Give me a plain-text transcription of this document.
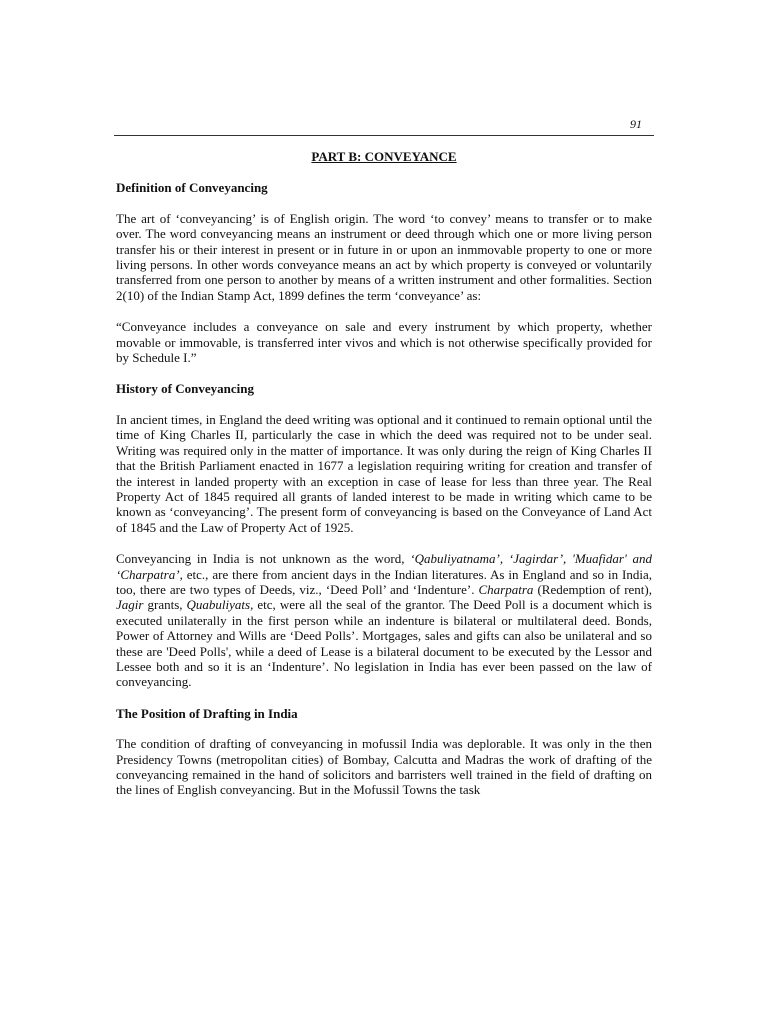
91
PART B: CONVEYANCE
Definition of Conveyancing

The art of ‘conveyancing’ is of English origin. The word ‘to convey’ means to transfer or to make over. The word conveyancing means an instrument or deed through which one or more living person transfer his or their interest in present or in future in or upon an inmmovable property to one or more living persons. In other words conveyance means an act by which property is conveyed or voluntarily transferred from one person to another by means of a written instrument and other formalities. Section 2(10) of the Indian Stamp Act, 1899 defines the term ‘conveyance’ as:

“Conveyance includes a conveyance on sale and every instrument by which property, whether movable or immovable, is transferred inter vivos and which is not otherwise specifically provided for by Schedule I.”

History of Conveyancing

In ancient times, in England the deed writing was optional and it continued to remain optional until the time of King Charles II, particularly the case in which the deed was required not to be under seal. Writing was required only in the matter of importance. It was only during the reign of King Charles II that the British Parliament enacted in 1677 a legislation requiring writing for creation and transfer of the interest in landed property with an exception in case of lease for less than three year. The Real Property Act of 1845 required all grants of landed interest to be made in writing which came to be known as ‘conveyancing’. The present form of conveyancing is based on the Conveyance of Land Act of 1845 and the Law of Property Act of 1925.

Conveyancing in India is not unknown as the word, ‘Qabuliyatnama’, ‘Jagirdar’, 'Muafidar' and ‘Charpatra’, etc., are there from ancient days in the Indian literatures. As in England and so in India, too, there are two types of Deeds, viz., ‘Deed Poll’ and ‘Indenture’. Charpatra (Redemption of rent), Jagir grants, Quabuliyats, etc, were all the seal of the grantor. The Deed Poll is a document which is executed unilaterally in the first person while an indenture is bilateral or multilateral deed. Bonds, Power of Attorney and Wills are ‘Deed Polls’. Mortgages, sales and gifts can also be unilateral and so these are 'Deed Polls', while a deed of Lease is a bilateral document to be executed by the Lessor and Lessee both and so it is an ‘Indenture’. No legislation in India has ever been passed on the law of conveyancing.

The Position of Drafting in India

The condition of drafting of conveyancing in mofussil India was deplorable. It was only in the then Presidency Towns (metropolitan cities) of Bombay, Calcutta and Madras the work of drafting of the conveyancing remained in the hand of solicitors and barristers well trained in the field of drafting on the lines of English conveyancing. But in the Mofussil Towns the task
